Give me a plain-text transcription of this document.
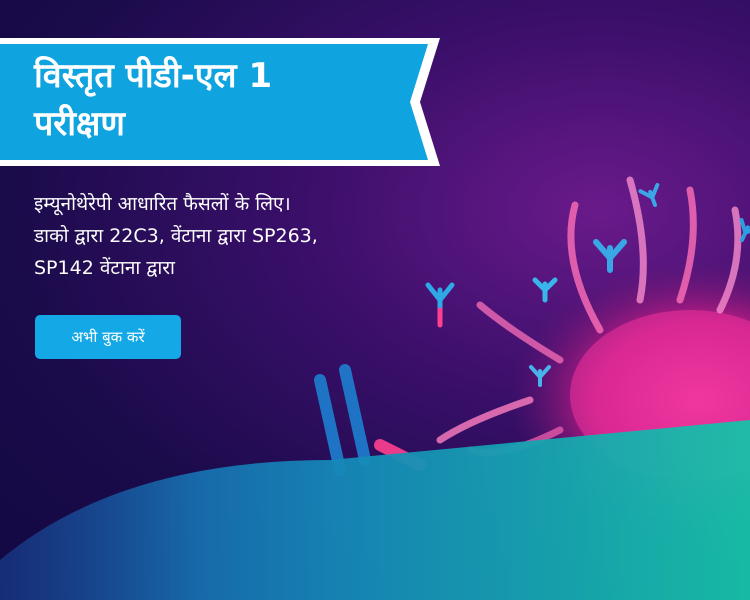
विस्तृत पीडी-एल 1
परीक्षण
इम्यूनोथेरेपी आधारित फैसलों के लिए।
डाको द्वारा 22C3, वेंटाना द्वारा SP263,
SP142 वेंटाना द्वारा
अभी बुक करें
